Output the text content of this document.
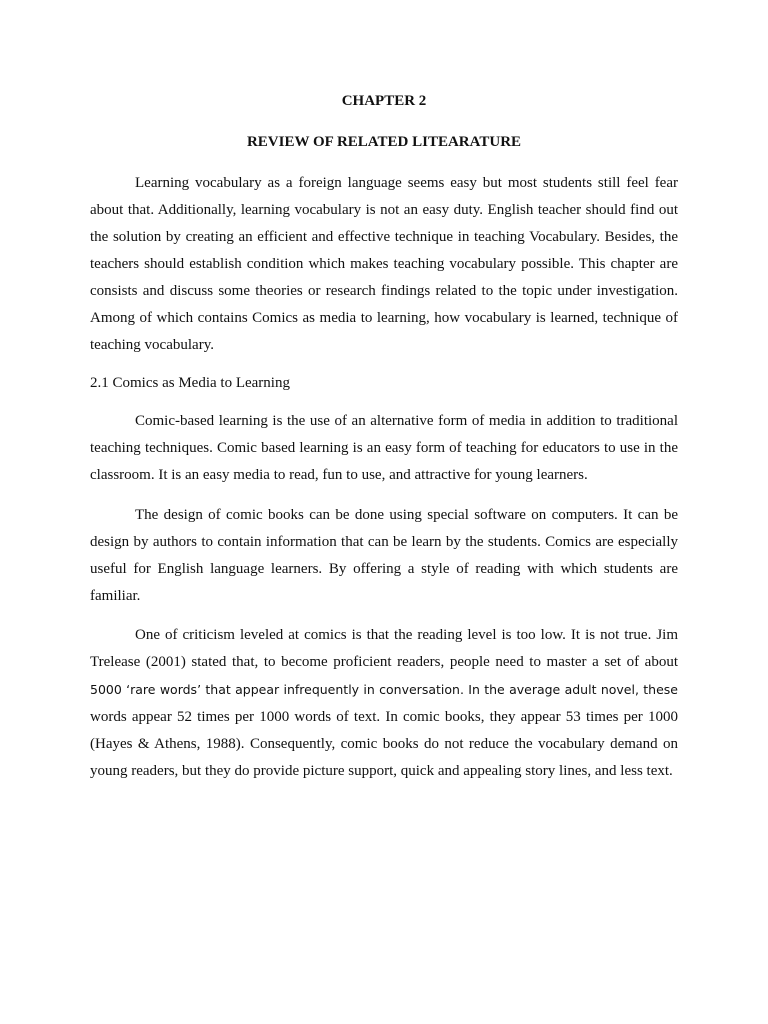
CHAPTER 2
REVIEW OF RELATED LITEARATURE

Learning vocabulary as a foreign language seems easy but most students still feel fear about that. Additionally, learning vocabulary is not an easy duty. English teacher should find out the solution by creating an efficient and effective technique in teaching Vocabulary. Besides, the teachers should establish condition which makes teaching vocabulary possible. This chapter are consists and discuss some theories or research findings related to the topic under investigation. Among of which contains Comics as media to learning, how vocabulary is learned, technique of teaching vocabulary.

2.1 Comics as Media to Learning

Comic-based learning is the use of an alternative form of media in addition to traditional teaching techniques. Comic based learning is an easy form of teaching for educators to use in the classroom. It is an easy media to read, fun to use, and attractive for young learners.

The design of comic books can be done using special software on computers. It can be design by authors to contain information that can be learn by the students. Comics are especially useful for English language learners. By offering a style of reading with which students are familiar.

One of criticism leveled at comics is that the reading level is too low. It is not true. Jim Trelease (2001) stated that, to become proficient readers, people need to master a set of about 5000 ‘rare words’ that appear infrequently in conversation. In the average adult novel, these words appear 52 times per 1000 words of text. In comic books, they appear 53 times per 1000 (Hayes & Athens, 1988). Consequently, comic books do not reduce the vocabulary demand on young readers, but they do provide picture support, quick and appealing story lines, and less text.
